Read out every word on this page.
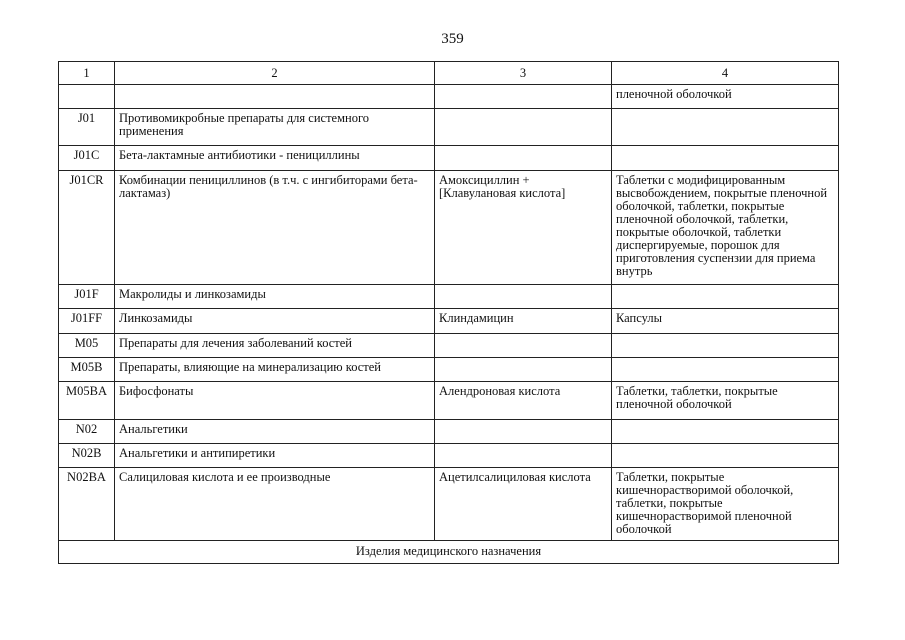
359
1	2	3	4
			пленочной оболочкой
J01	Противомикробные препараты для системного применения		
J01C	Бета-лактамные антибиотики - пенициллины		
J01CR	Комбинации пенициллинов (в т.ч. с ингибиторами бета-лактамаз)	Амоксициллин + [Клавулановая кислота]	Таблетки с модифицированным высвобождением, покрытые пленочной оболочкой, таблетки, покрытые пленочной оболочкой, таблетки, покрытые оболочкой, таблетки диспергируемые, порошок для приготовления суспензии для приема внутрь
J01F	Макролиды и линкозамиды		
J01FF	Линкозамиды	Клиндамицин	Капсулы
M05	Препараты для лечения заболеваний костей		
M05B	Препараты, влияющие на минерализацию костей		
M05BA	Бифосфонаты	Алендроновая кислота	Таблетки, таблетки, покрытые пленочной оболочкой
N02	Анальгетики		
N02B	Анальгетики и антипиретики		
N02BA	Салициловая кислота и ее производные	Ацетилсалициловая кислота	Таблетки, покрытые кишечнорастворимой оболочкой, таблетки, покрытые кишечнорастворимой пленочной оболочкой
Изделия медицинского назначения			
